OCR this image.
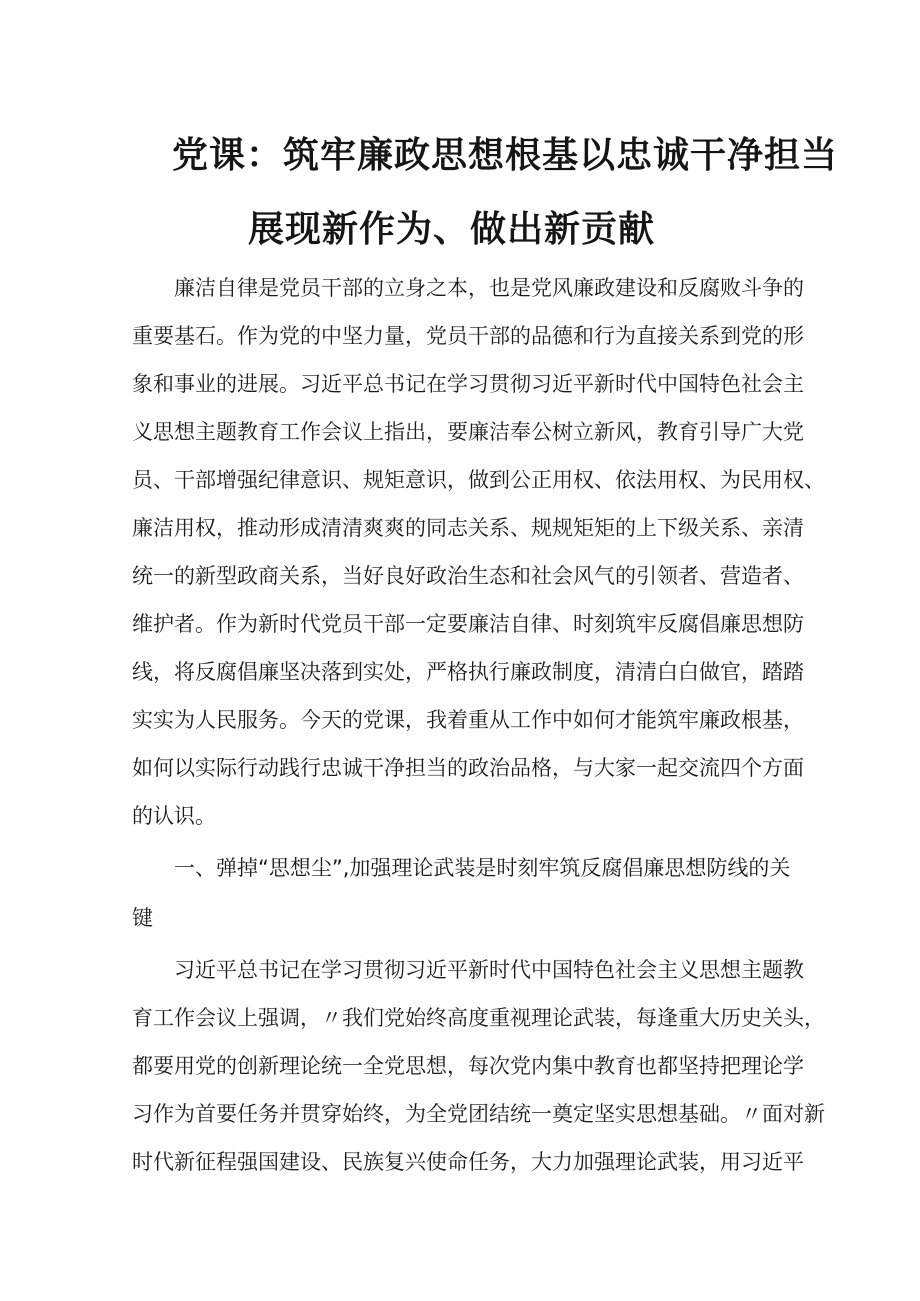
党课：筑牢廉政思想根基以忠诚干净担当
展现新作为、做出新贡献
廉洁自律是党员干部的立身之本，也是党风廉政建设和反腐败斗争的
重要基石。作为党的中坚力量，党员干部的品德和行为直接关系到党的形
象和事业的进展。习近平总书记在学习贯彻习近平新时代中国特色社会主
义思想主题教育工作会议上指出，要廉洁奉公树立新风，教育引导广大党
员、干部增强纪律意识、规矩意识，做到公正用权、依法用权、为民用权、
廉洁用权，推动形成清清爽爽的同志关系、规规矩矩的上下级关系、亲清
统一的新型政商关系，当好良好政治生态和社会风气的引领者、营造者、
维护者。作为新时代党员干部一定要廉洁自律、时刻筑牢反腐倡廉思想防
线，将反腐倡廉坚决落到实处，严格执行廉政制度，清清白白做官，踏踏
实实为人民服务。今天的党课，我着重从工作中如何才能筑牢廉政根基，
如何以实际行动践行忠诚干净担当的政治品格，与大家一起交流四个方面
的认识。
一、弹掉“思想尘”,加强理论武装是时刻牢筑反腐倡廉思想防线的关
键
习近平总书记在学习贯彻习近平新时代中国特色社会主义思想主题教
育工作会议上强调，〃我们党始终高度重视理论武装，每逢重大历史关头，
都要用党的创新理论统一全党思想，每次党内集中教育也都坚持把理论学
习作为首要任务并贯穿始终，为全党团结统一奠定坚实思想基础。〃面对新
时代新征程强国建设、民族复兴使命任务，大力加强理论武装，用习近平
